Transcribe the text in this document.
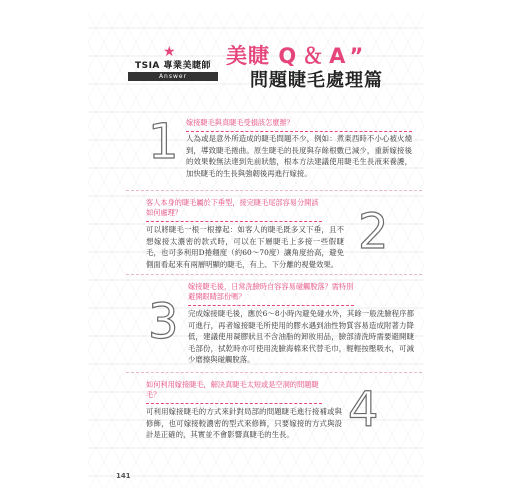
★
TSIA 專業美睫師
Answer
美睫 Q＆A”
問題睫毛處理篇
1 嫁接睫毛與真睫毛受損該怎麼辦？
人為或是意外所造成的睫毛問題不少，例如：煮東西時不小心被火燒到，導致睫毛捲曲。原生睫毛的長度與存餘根數已減少，重新嫁接後的效果較無法達到先前狀態，根本方法建議使用睫毛生長液來養護，加快睫毛的生長與強韌後再進行嫁接。
客人本身的睫毛屬於下垂型，接完睫毛尾部容易分開該如何處理？
可以將睫毛一根一根撐起：如客人的睫毛既多又下垂，且不想嫁接太濃密的款式時，可以在下層睫毛上多接一些假睫毛，也可多利用D捲翹度（約60～70度）讓角度抬高，避免側面看起來有兩層明顯的睫毛，有上、下分離的視覺效果。
2
3
嫁接睫毛後，日常洗臉時自容容易碰觸脫落？需特別避開眼睛部份嗎？
完成嫁接睫毛後，應於6～8小時內避免碰水外，其餘一般洗臉程序都可進行，再者嫁接睫毛所使用的膠水遇到油性物質容易造成附著力降低，建議使用凝膠狀且不含油脂的卸妝用品，臉部清洗時需要避開睫毛部份，拭乾時亦可使用洗臉海棉來代替毛巾，輕輕按壓吸水，可減少磨擦與碰觸脫落。
如何利用嫁接睫毛，解決真睫毛太短或是空洞的問題睫毛？
可利用嫁接睫毛的方式來針對局部的問題睫毛進行接補或與修飾，也可嫁接較濃密的型式來修飾，只要嫁接的方式與設計是正確的，其實並不會影響真睫毛的生長。	4
141
